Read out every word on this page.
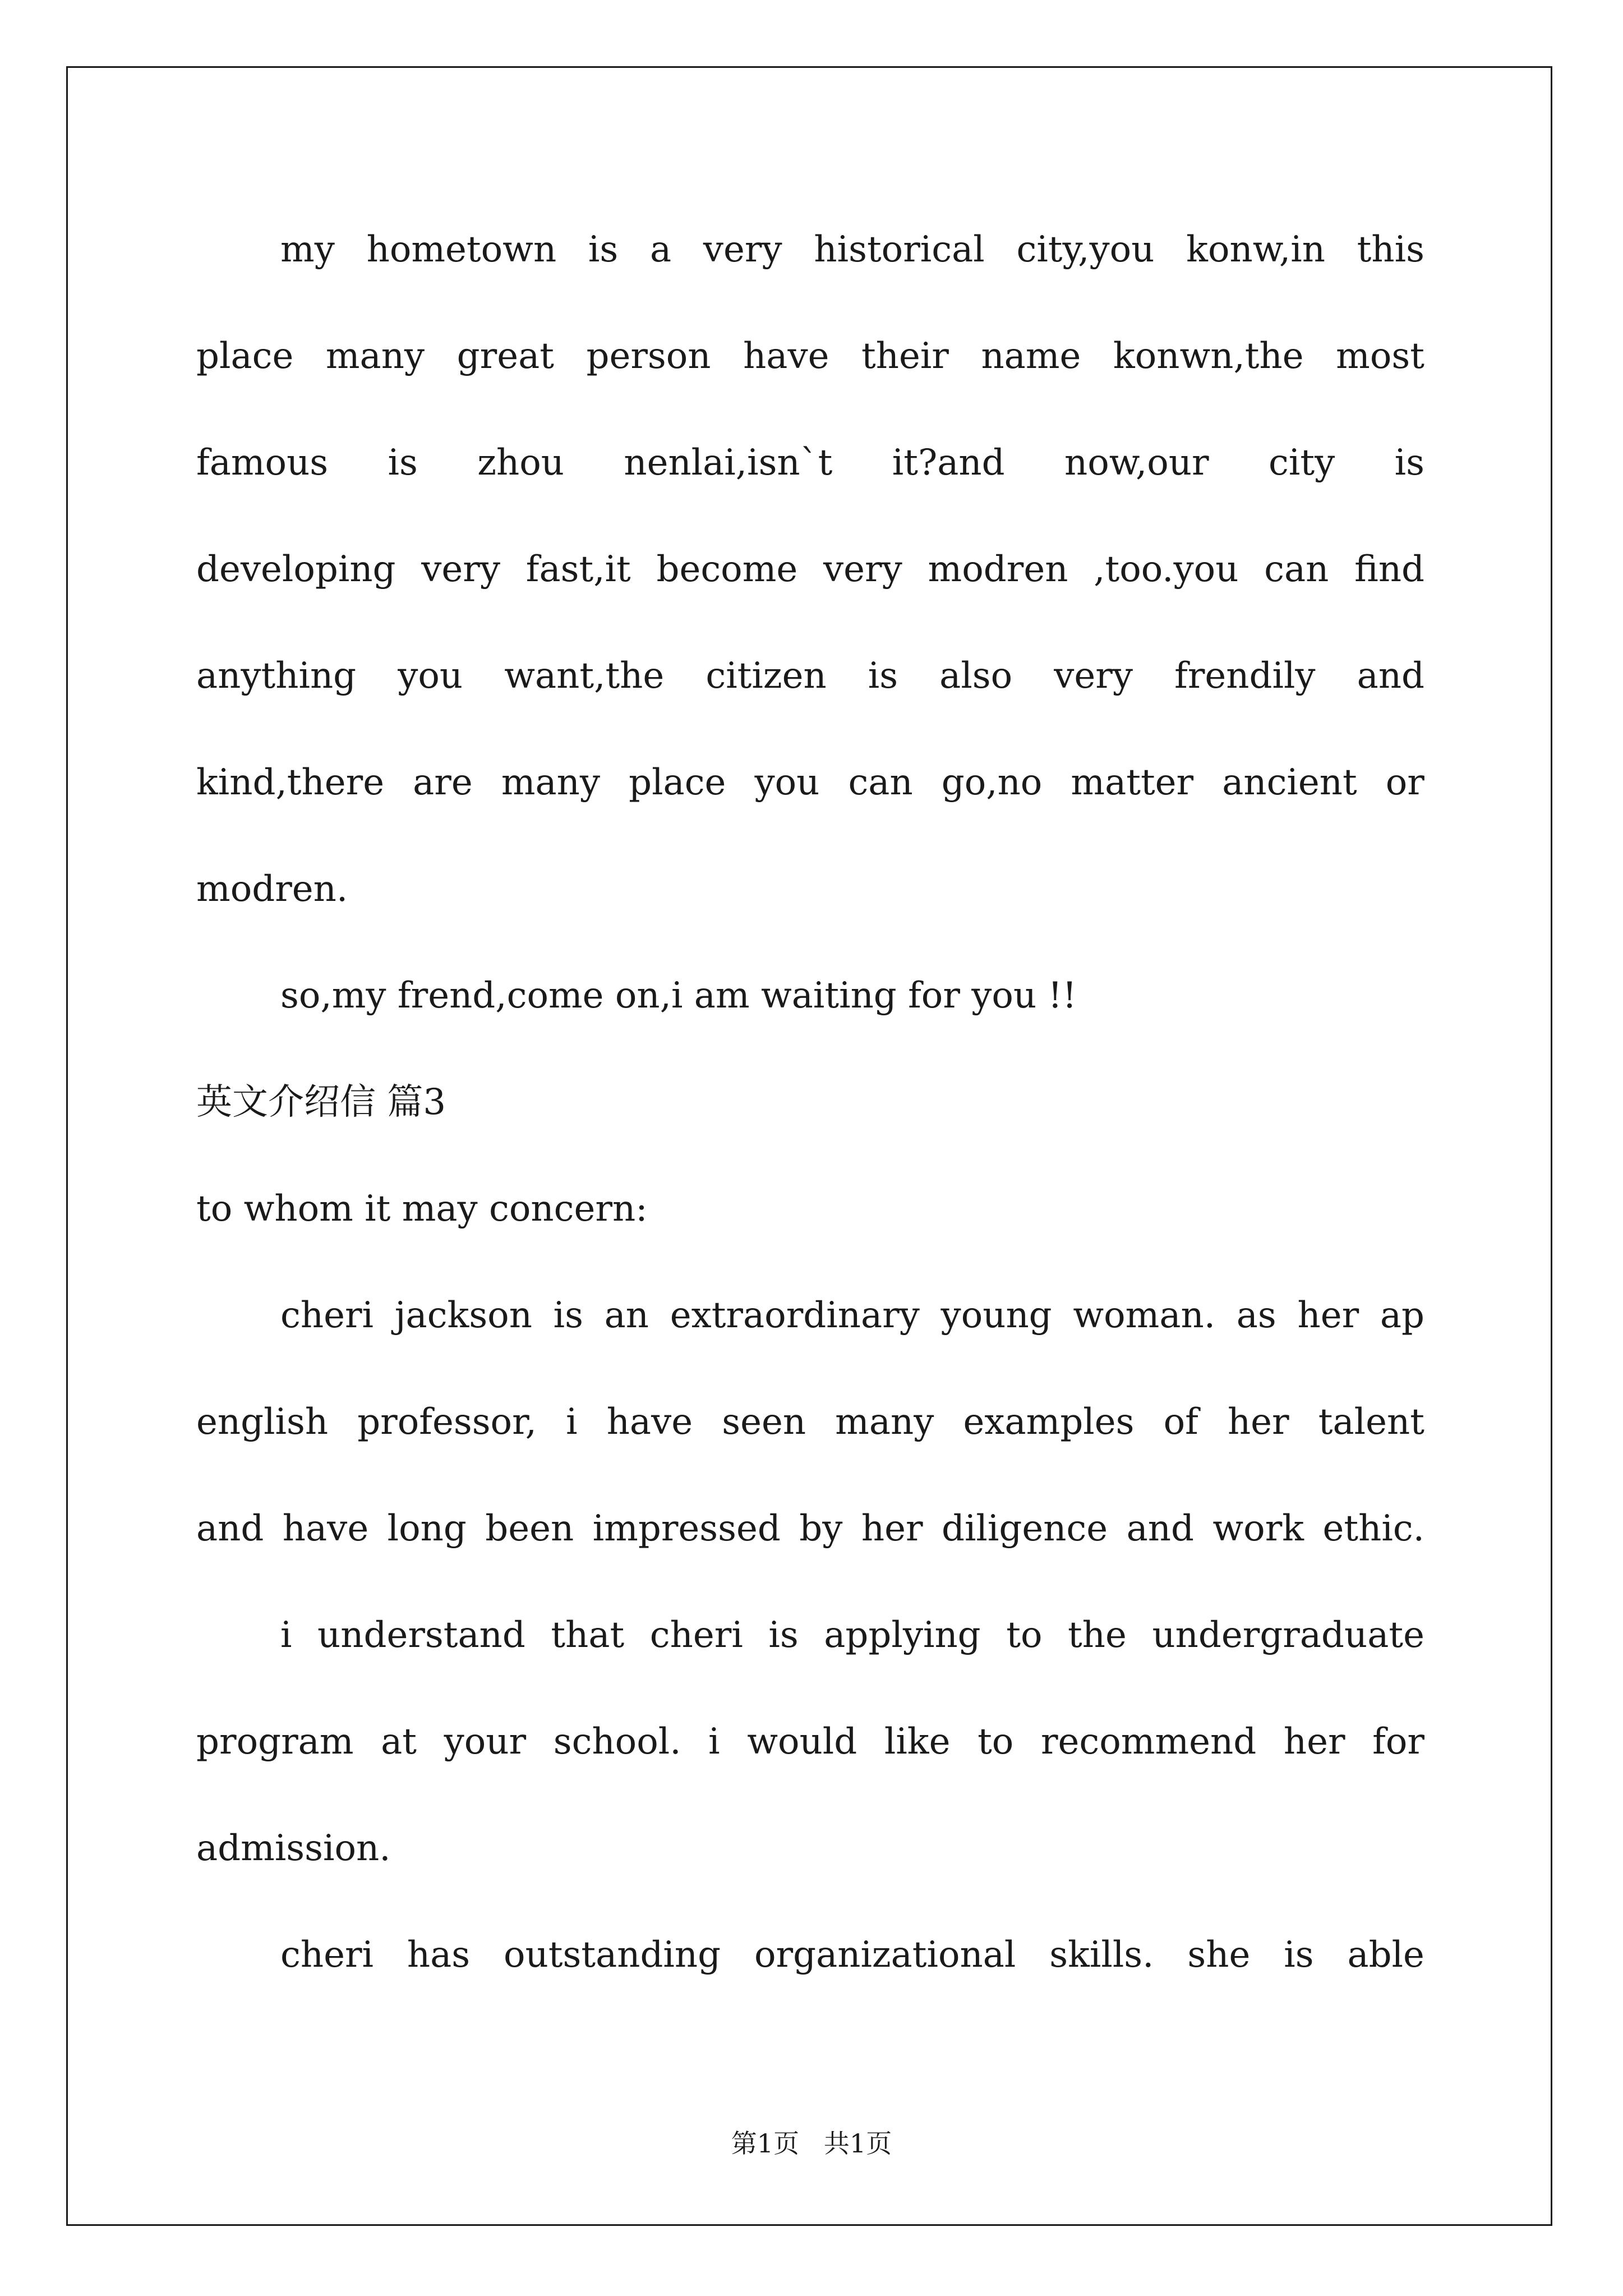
my hometown is a very historical city,you konw,in this
place many great person have their name konwn,the most
famous is zhou nenlai,isn`t it?and now,our city is
developing very fast,it become very modren ,too.you can find
anything you want,the citizen is also very frendily and
kind,there are many place you can go,no matter ancient or
modren.
so,my frend,come on,i am waiting for you !!
英文介绍信 篇3
to whom it may concern:
cheri jackson is an extraordinary young woman. as her ap
english professor, i have seen many examples of her talent
and have long been impressed by her diligence and work ethic.
i understand that cheri is applying to the undergraduate
program at your school. i would like to recommend her for
admission.
cheri has outstanding organizational skills. she is able
第1页   共1页
